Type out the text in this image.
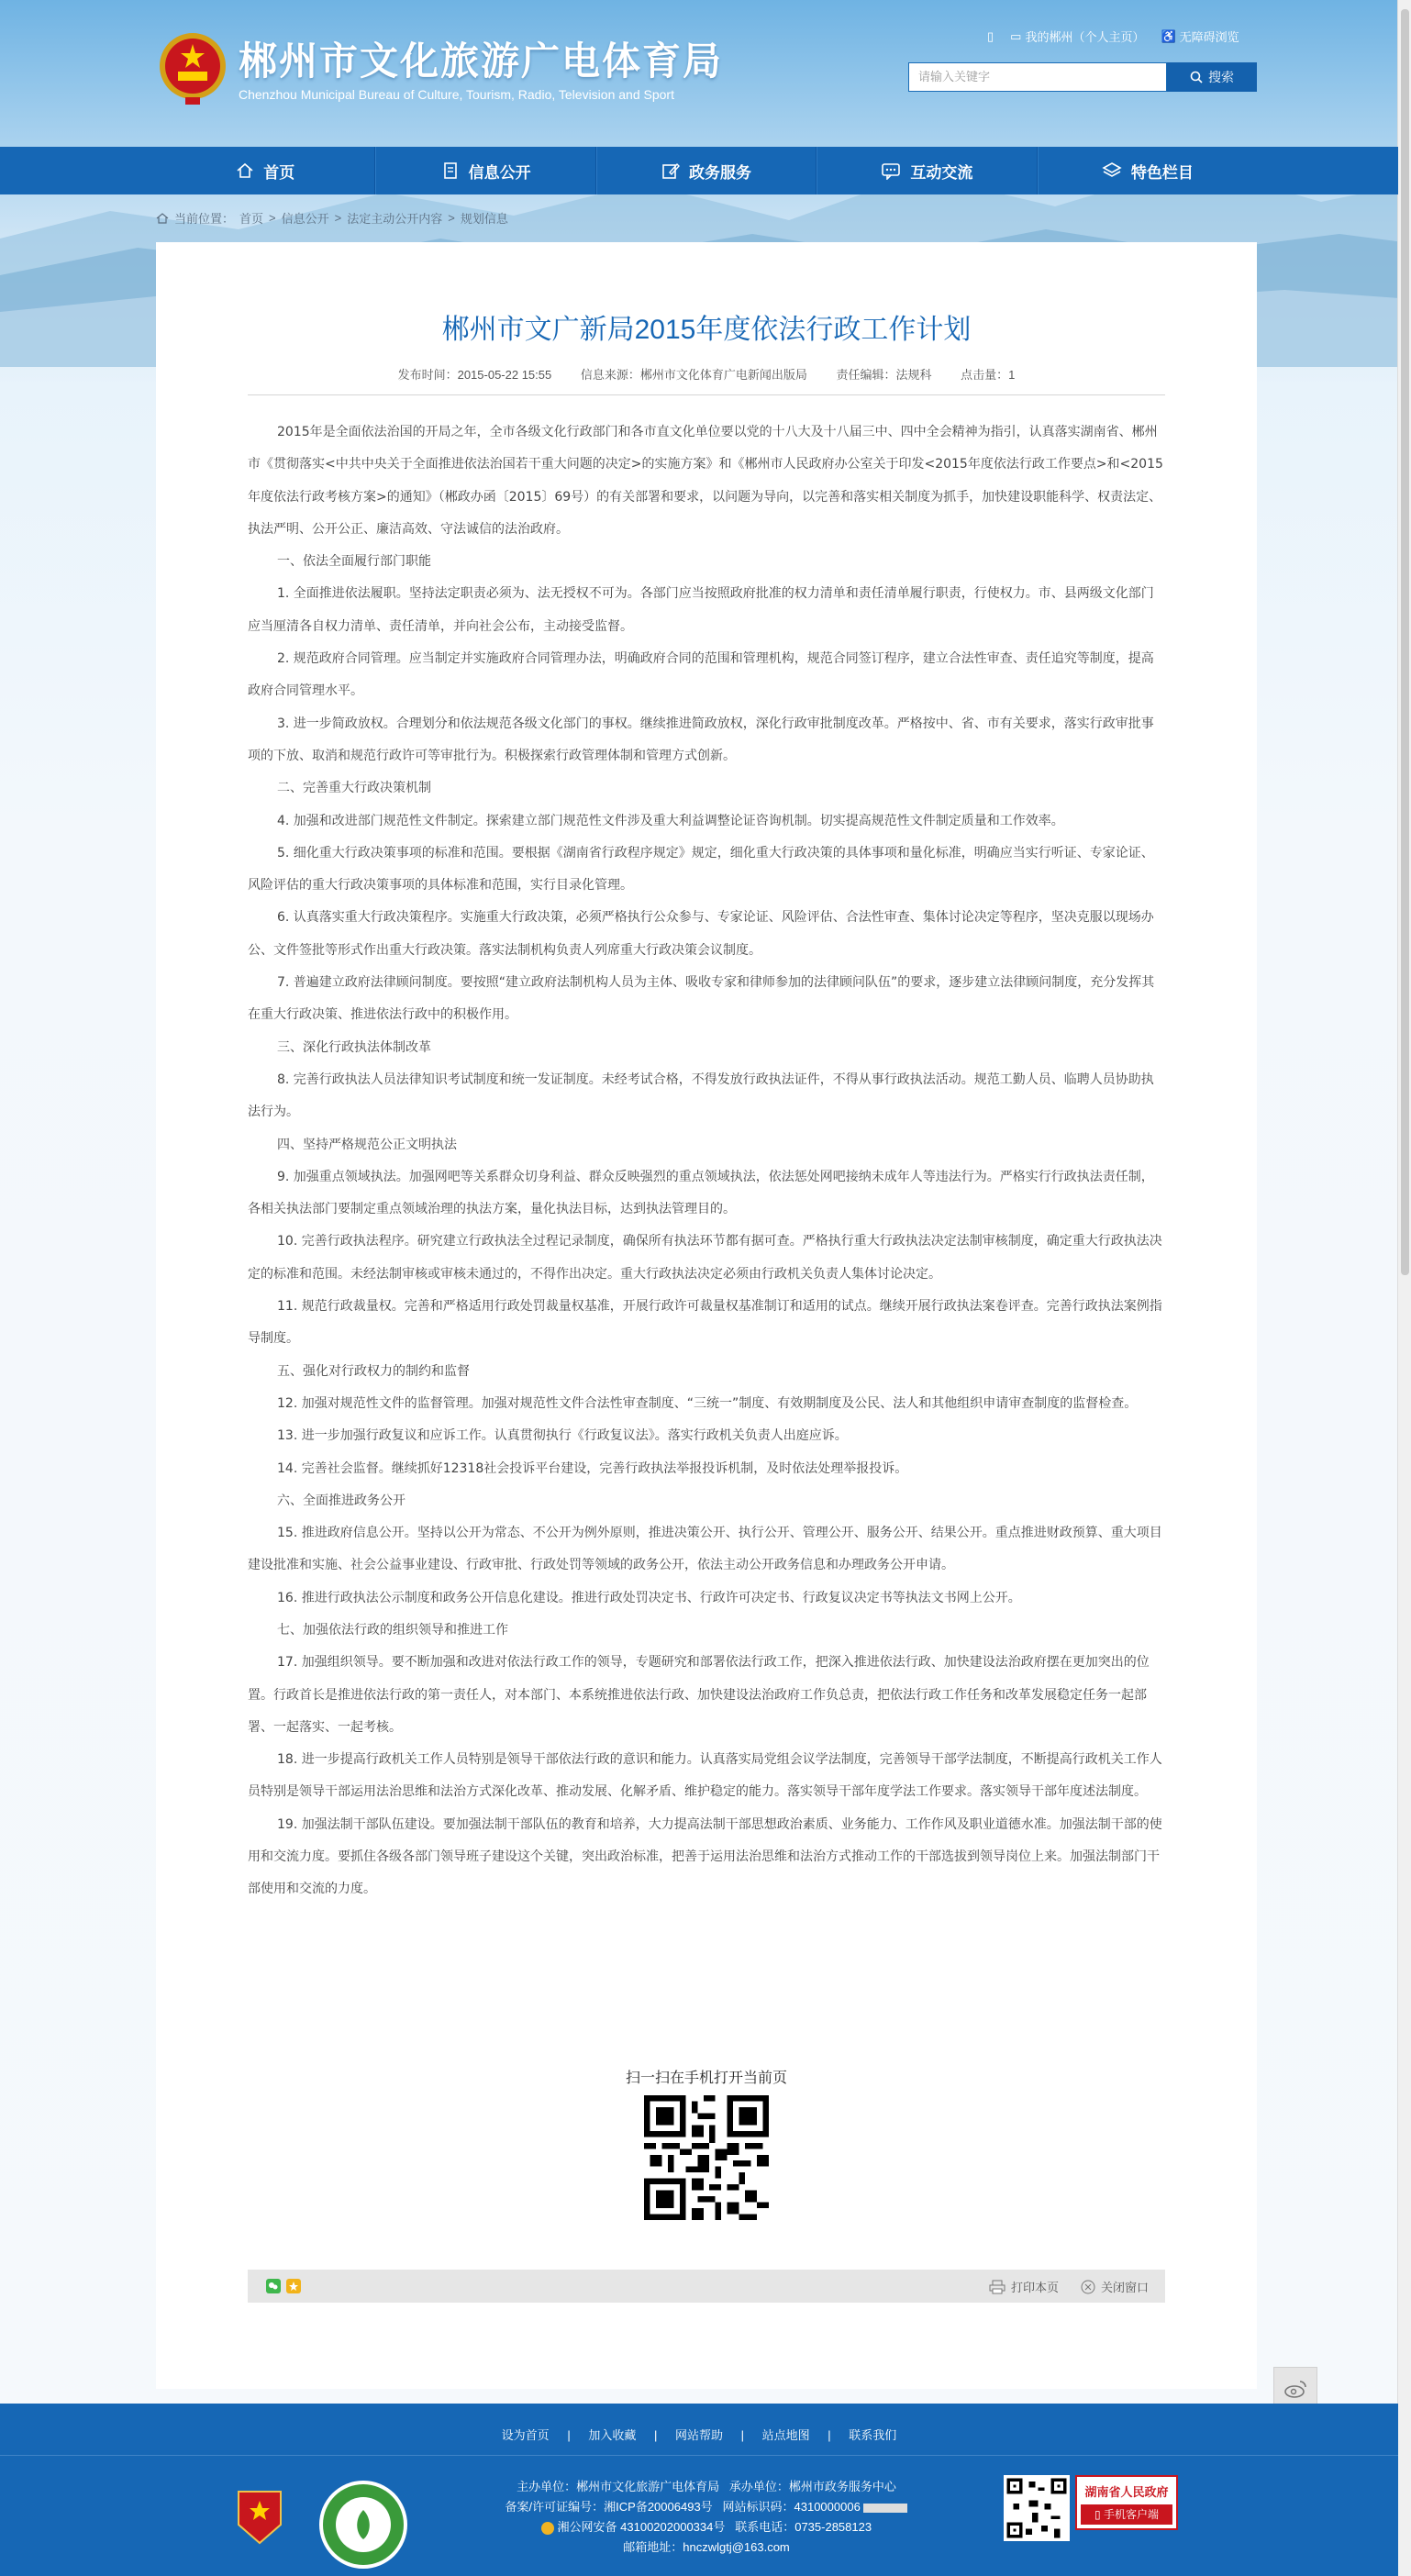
郴州市文化旅游广电体育局
Chenzhou Municipal Bureau of Culture, Tourism, Radio, Television and Sport
▯ ▭ 我的郴州（个人主页） ♿ 无障碍浏览
请输入关键字	搜索
首页	信息公开	政务服务	互动交流	特色栏目
当前位置： 首页 > 信息公开 > 法定主动公开内容 > 规划信息
郴州市文广新局2015年度依法行政工作计划
发布时间：2015-05-22 15:55 信息来源：郴州市文化体育广电新闻出版局 责任编辑：法规科 点击量：1

2015年是全面依法治国的开局之年，全市各级文化行政部门和各市直文化单位要以党的十八大及十八届三中、四中全会精神为指引，认真落实湖南省、郴州市《贯彻落实<中共中央关于全面推进依法治国若干重大问题的决定>的实施方案》和《郴州市人民政府办公室关于印发<2015年度依法行政工作要点>和<2015年度依法行政考核方案>的通知》（郴政办函〔2015〕69号）的有关部署和要求，以问题为导向，以完善和落实相关制度为抓手，加快建设职能科学、权责法定、执法严明、公开公正、廉洁高效、守法诚信的法治政府。

一、依法全面履行部门职能

1. 全面推进依法履职。坚持法定职责必须为、法无授权不可为。各部门应当按照政府批准的权力清单和责任清单履行职责，行使权力。市、县两级文化部门应当厘清各自权力清单、责任清单，并向社会公布，主动接受监督。

2. 规范政府合同管理。应当制定并实施政府合同管理办法，明确政府合同的范围和管理机构，规范合同签订程序，建立合法性审查、责任追究等制度，提高政府合同管理水平。

3. 进一步简政放权。合理划分和依法规范各级文化部门的事权。继续推进简政放权，深化行政审批制度改革。严格按中、省、市有关要求，落实行政审批事项的下放、取消和规范行政许可等审批行为。积极探索行政管理体制和管理方式创新。

二、完善重大行政决策机制

4. 加强和改进部门规范性文件制定。探索建立部门规范性文件涉及重大利益调整论证咨询机制。切实提高规范性文件制定质量和工作效率。

5. 细化重大行政决策事项的标准和范围。要根据《湖南省行政程序规定》规定，细化重大行政决策的具体事项和量化标准，明确应当实行听证、专家论证、风险评估的重大行政决策事项的具体标准和范围，实行目录化管理。

6. 认真落实重大行政决策程序。实施重大行政决策，必须严格执行公众参与、专家论证、风险评估、合法性审查、集体讨论决定等程序，坚决克服以现场办公、文件签批等形式作出重大行政决策。落实法制机构负责人列席重大行政决策会议制度。

7. 普遍建立政府法律顾问制度。要按照“建立政府法制机构人员为主体、吸收专家和律师参加的法律顾问队伍”的要求，逐步建立法律顾问制度，充分发挥其在重大行政决策、推进依法行政中的积极作用。

三、深化行政执法体制改革

8. 完善行政执法人员法律知识考试制度和统一发证制度。未经考试合格，不得发放行政执法证件，不得从事行政执法活动。规范工勤人员、临聘人员协助执法行为。

四、坚持严格规范公正文明执法

9. 加强重点领域执法。加强网吧等关系群众切身利益、群众反映强烈的重点领域执法，依法惩处网吧接纳未成年人等违法行为。严格实行行政执法责任制，各相关执法部门要制定重点领域治理的执法方案，量化执法目标，达到执法管理目的。

10. 完善行政执法程序。研究建立行政执法全过程记录制度，确保所有执法环节都有据可查。严格执行重大行政执法决定法制审核制度，确定重大行政执法决定的标准和范围。未经法制审核或审核未通过的，不得作出决定。重大行政执法决定必须由行政机关负责人集体讨论决定。

11. 规范行政裁量权。完善和严格适用行政处罚裁量权基准，开展行政许可裁量权基准制订和适用的试点。继续开展行政执法案卷评查。完善行政执法案例指导制度。

五、强化对行政权力的制约和监督

12. 加强对规范性文件的监督管理。加强对规范性文件合法性审查制度、“三统一”制度、有效期制度及公民、法人和其他组织申请审查制度的监督检查。

13. 进一步加强行政复议和应诉工作。认真贯彻执行《行政复议法》。落实行政机关负责人出庭应诉。

14. 完善社会监督。继续抓好12318社会投诉平台建设，完善行政执法举报投诉机制，及时依法处理举报投诉。

六、全面推进政务公开

15. 推进政府信息公开。坚持以公开为常态、不公开为例外原则，推进决策公开、执行公开、管理公开、服务公开、结果公开。重点推进财政预算、重大项目建设批准和实施、社会公益事业建设、行政审批、行政处罚等领域的政务公开，依法主动公开政务信息和办理政务公开申请。

16. 推进行政执法公示制度和政务公开信息化建设。推进行政处罚决定书、行政许可决定书、行政复议决定书等执法文书网上公开。

七、加强依法行政的组织领导和推进工作

17. 加强组织领导。要不断加强和改进对依法行政工作的领导，专题研究和部署依法行政工作，把深入推进依法行政、加快建设法治政府摆在更加突出的位置。行政首长是推进依法行政的第一责任人，对本部门、本系统推进依法行政、加快建设法治政府工作负总责，把依法行政工作任务和改革发展稳定任务一起部署、一起落实、一起考核。

18. 进一步提高行政机关工作人员特别是领导干部依法行政的意识和能力。认真落实局党组会议学法制度，完善领导干部学法制度，不断提高行政机关工作人员特别是领导干部运用法治思维和法治方式深化改革、推动发展、化解矛盾、维护稳定的能力。落实领导干部年度学法工作要求。落实领导干部年度述法制度。

19. 加强法制干部队伍建设。要加强法制干部队伍的教育和培养，大力提高法制干部思想政治素质、业务能力、工作作风及职业道德水准。加强法制干部的使用和交流力度。要抓住各级各部门领导班子建设这个关键，突出政治标准，把善于运用法治思维和法治方式推动工作的干部选拔到领导岗位上来。加强法制部门干部使用和交流的力度。

扫一扫在手机打开当前页
打印本页	关闭窗口
设为首页 | 加入收藏 | 网站帮助 | 站点地图 | 联系我们
主办单位：郴州市文化旅游广电体育局 承办单位：郴州市政务服务中心
备案/许可证编号：湘ICP备20006493号 网站标识码：4310000006
湘公网安备 43100202000334号 联系电话：0735-2858123
邮箱地址：hnczwlgtj@163.com
湖南省人民政府
▯ 手机客户端
